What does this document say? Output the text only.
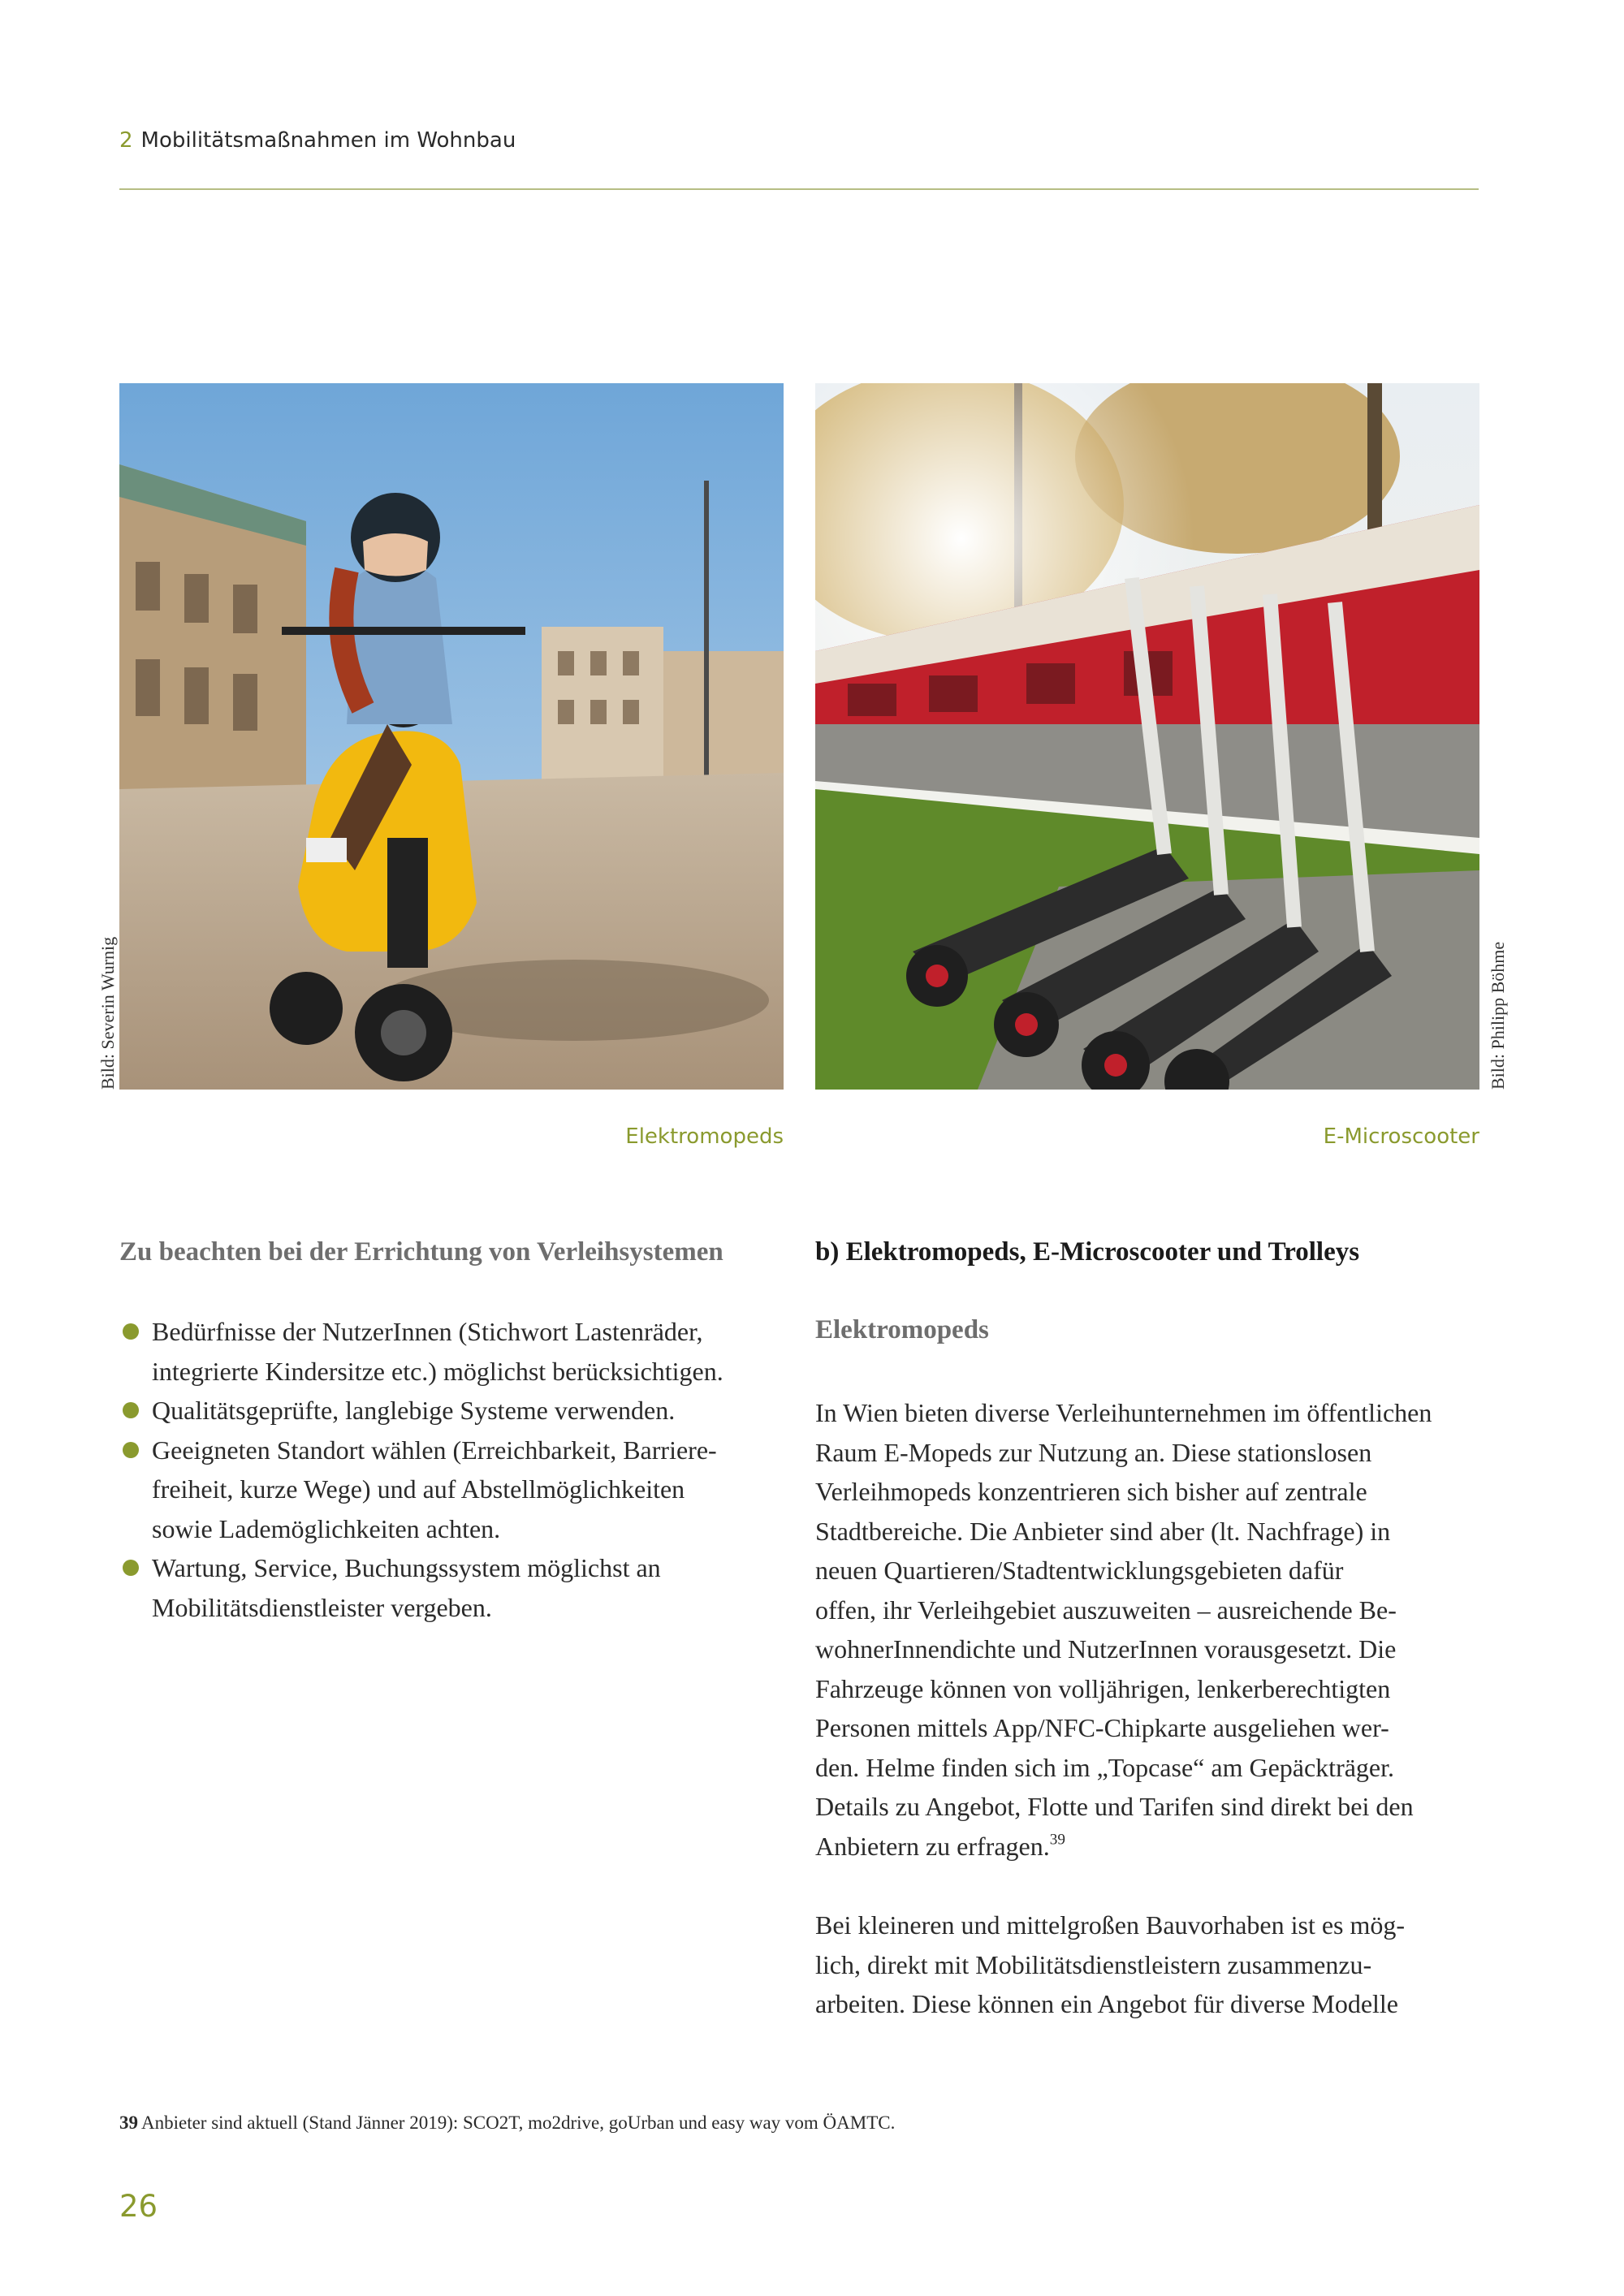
2 Mobilitätsmaßnahmen im Wohnbau
Bild: Severin Wurnig
Elektromopeds
Bild: Philipp Böhme
E-Microscooter
Zu beachten bei der Errichtung von Verleihsystemen
Bedürfnisse der NutzerInnen (Stichwort Lastenräder,
integrierte Kindersitze etc.) möglichst berücksichtigen.
Qualitätsgeprüfte, langlebige Systeme verwenden.
Geeigneten Standort wählen (Erreichbarkeit, Barriere-
freiheit, kurze Wege) und auf Abstellmöglichkeiten
sowie Lademöglichkeiten achten.
Wartung, Service, Buchungssystem möglichst an
Mobilitätsdienstleister vergeben.
b) Elektromopeds, E-Microscooter und Trolleys
Elektromopeds

In Wien bieten diverse Verleihunternehmen im öffentlichen
Raum E-Mopeds zur Nutzung an. Diese stationslosen
Verleihmopeds konzentrieren sich bisher auf zentrale
Stadtbereiche. Die Anbieter sind aber (lt. Nachfrage) in
neuen Quartieren/Stadtentwicklungsgebieten dafür
offen, ihr Verleihgebiet auszuweiten – ausreichende Be-
wohnerInnendichte und NutzerInnen vorausgesetzt. Die
Fahrzeuge können von volljährigen, lenkerberechtigten
Personen mittels App/NFC-Chipkarte ausgeliehen wer-
den. Helme finden sich im „Topcase“ am Gepäckträger.
Details zu Angebot, Flotte und Tarifen sind direkt bei den
Anbietern zu erfragen.$^{39}$

Bei kleineren und mittelgroßen Bauvorhaben ist es mög-
lich, direkt mit Mobilitätsdienstleistern zusammenzu-
arbeiten. Diese können ein Angebot für diverse Modelle

39 Anbieter sind aktuell (Stand Jänner 2019): SCO2T, mo2drive, goUrban und easy way vom ÖAMTC.
26
